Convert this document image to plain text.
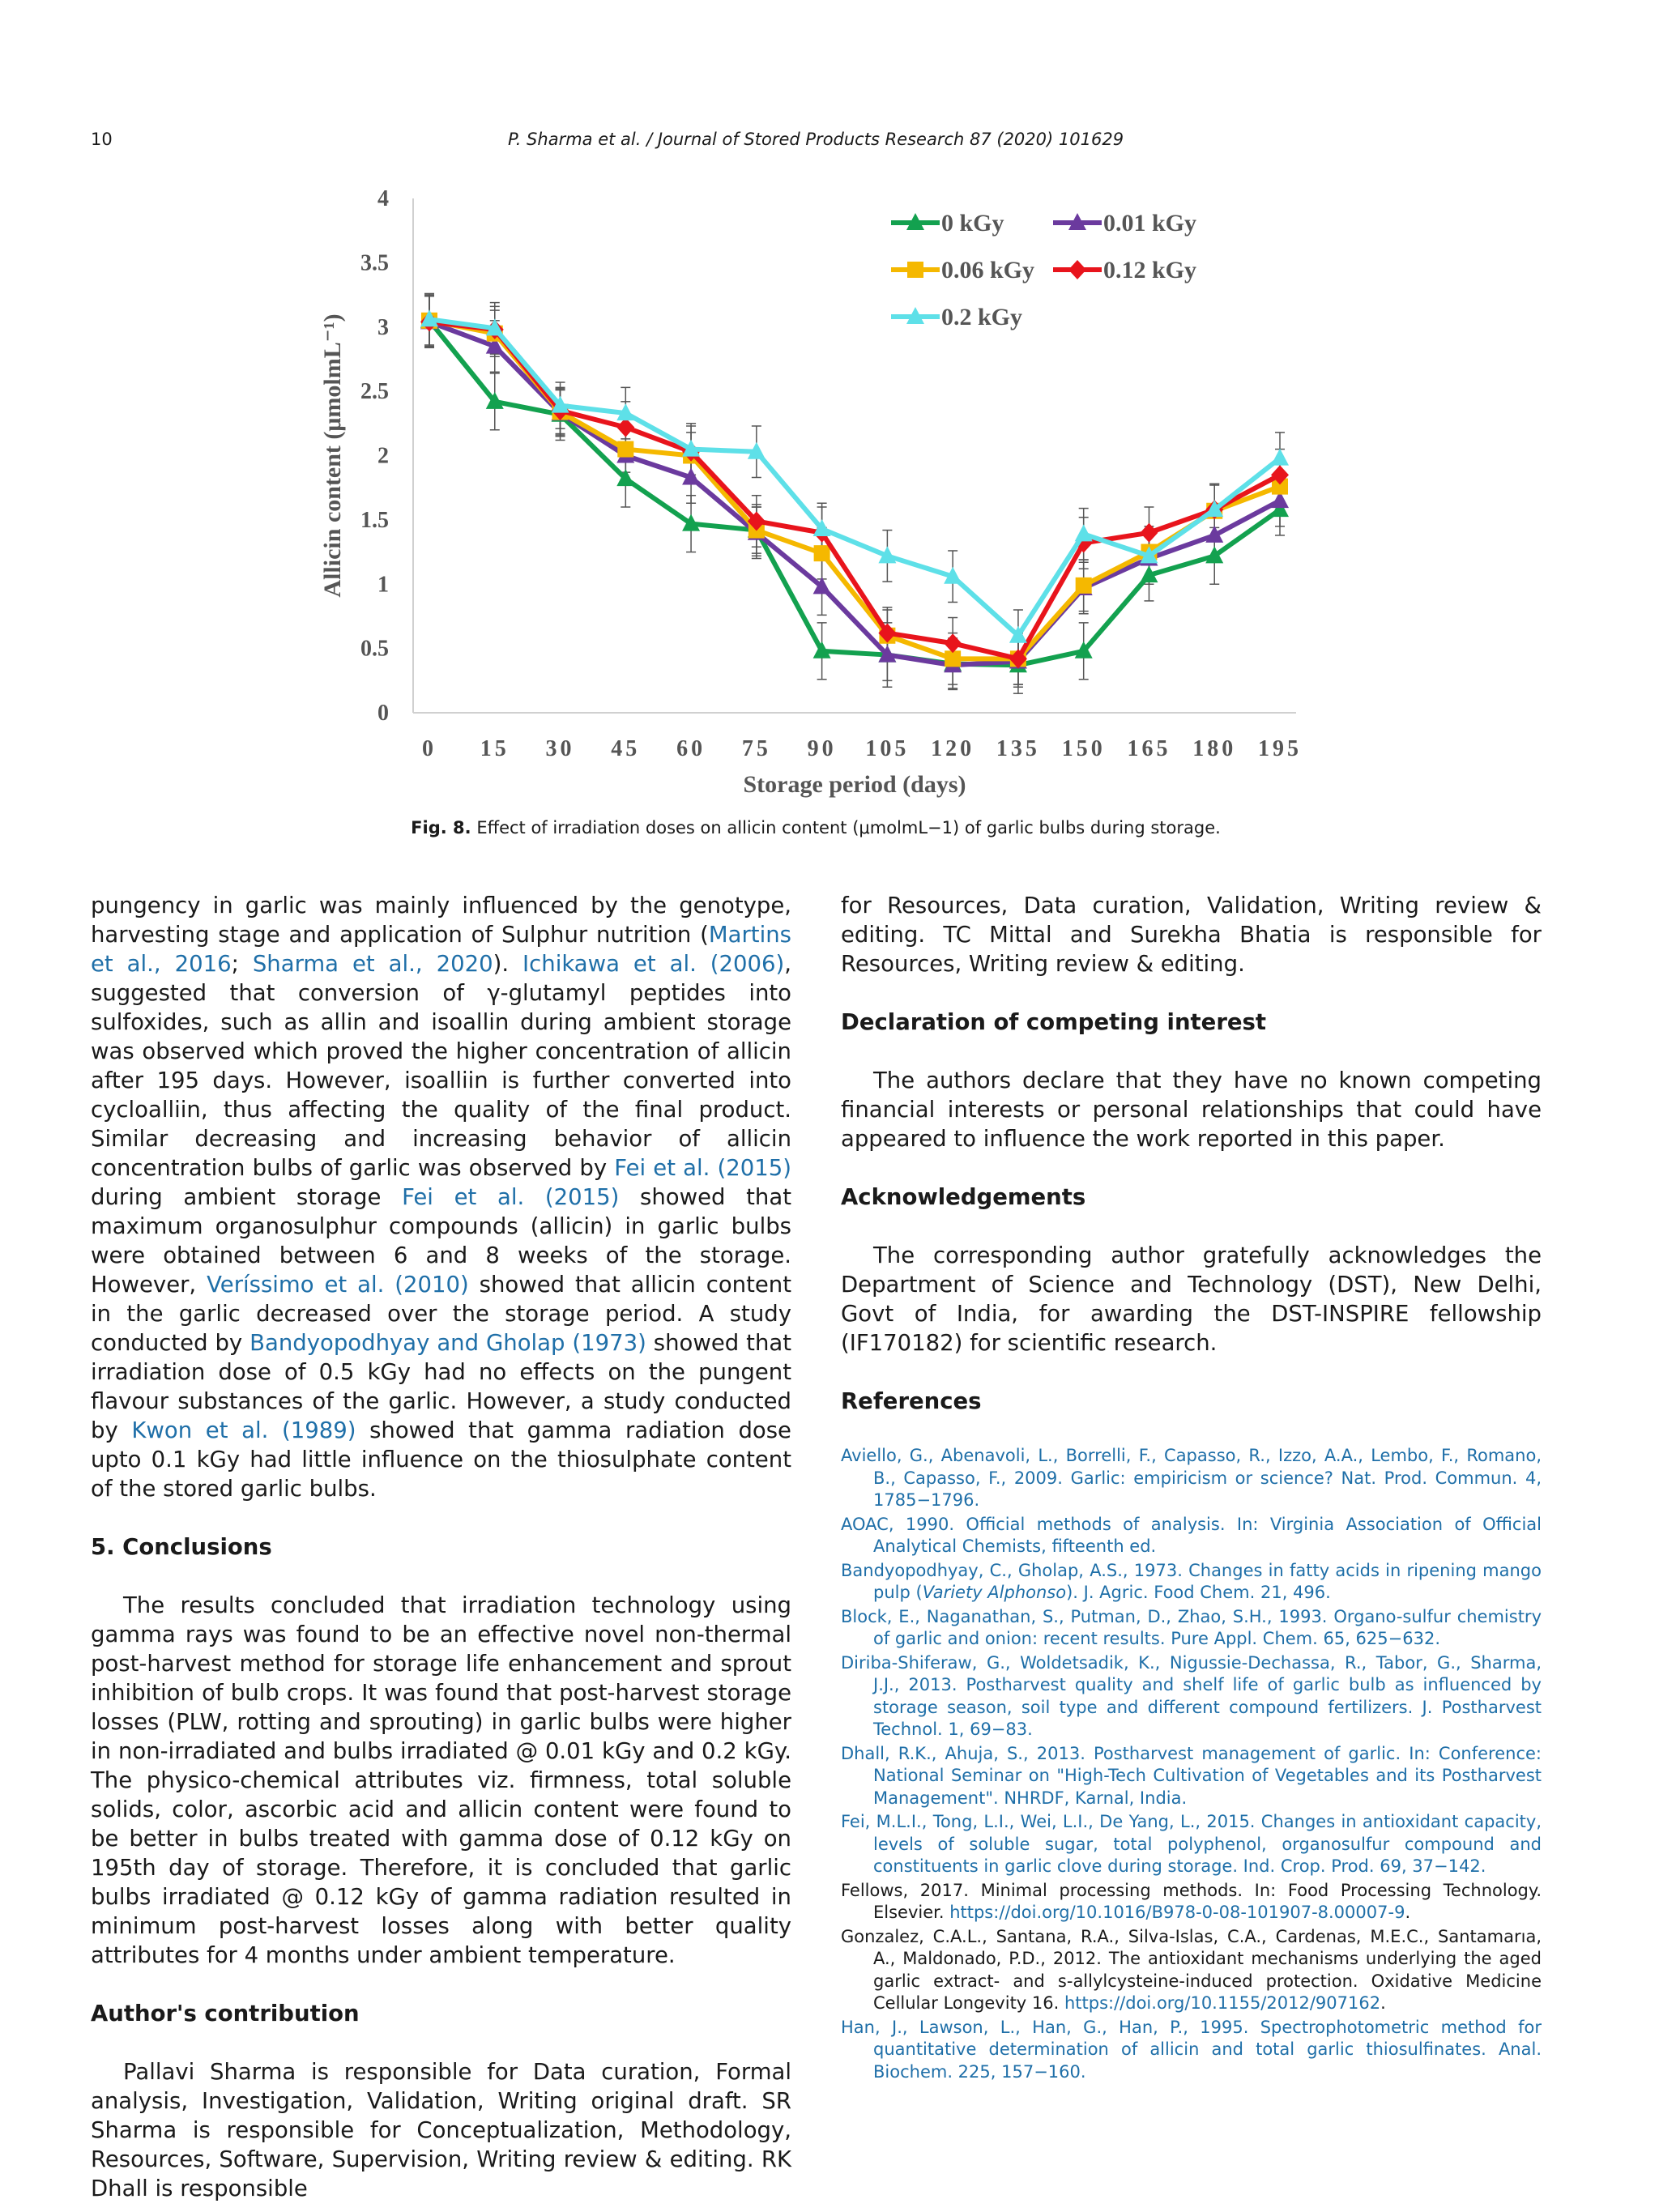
10	P. Sharma et al. / Journal of Stored Products Research 87 (2020) 101629
0
0.5
1
1.5
2
2.5
3
3.5
4
0 15 30 45 60 75 90 105 120 135 150 165 180 195
Storage period (days)
Allicin content (μmolmL⁻¹)
0 kGy	0.01 kGy
0.06 kGy	0.12 kGy
0.2 kGy
Fig. 8. Effect of irradiation doses on allicin content (μmolmL−1) of garlic bulbs during storage.

pungency in garlic was mainly influenced by the genotype, harvesting stage and application of Sulphur nutrition (Martins et al., 2016; Sharma et al., 2020). Ichikawa et al. (2006), suggested that conversion of γ-glutamyl peptides into sulfoxides, such as allin and isoallin during ambient storage was observed which proved the higher concentration of allicin after 195 days. However, isoalliin is further converted into cycloalliin, thus affecting the quality of the final product. Similar decreasing and increasing behavior of allicin concentration bulbs of garlic was observed by Fei et al. (2015) during ambient storage Fei et al. (2015) showed that maximum organosulphur compounds (allicin) in garlic bulbs were obtained between 6 and 8 weeks of the storage. However, Veríssimo et al. (2010) showed that allicin content in the garlic decreased over the storage period. A study conducted by Bandyopodhyay and Gholap (1973) showed that irradiation dose of 0.5 kGy had no effects on the pungent flavour substances of the garlic. However, a study conducted by Kwon et al. (1989) showed that gamma radiation dose upto 0.1 kGy had little influence on the thiosulphate content of the stored garlic bulbs.

5. Conclusions

The results concluded that irradiation technology using gamma rays was found to be an effective novel non-thermal post-harvest method for storage life enhancement and sprout inhibition of bulb crops. It was found that post-harvest storage losses (PLW, rotting and sprouting) in garlic bulbs were higher in non-irradiated and bulbs irradiated @ 0.01 kGy and 0.2 kGy. The physico-chemical attributes viz. firmness, total soluble solids, color, ascorbic acid and allicin content were found to be better in bulbs treated with gamma dose of 0.12 kGy on 195th day of storage. Therefore, it is concluded that garlic bulbs irradiated @ 0.12 kGy of gamma radiation resulted in minimum post-harvest losses along with better quality attributes for 4 months under ambient temperature.

Author's contribution

Pallavi Sharma is responsible for Data curation, Formal analysis, Investigation, Validation, Writing original draft. SR Sharma is responsible for Conceptualization, Methodology, Resources, Software, Supervision, Writing review & editing. RK Dhall is responsible

for Resources, Data curation, Validation, Writing review & editing. TC Mittal and Surekha Bhatia is responsible for Resources, Writing review & editing.

Declaration of competing interest

The authors declare that they have no known competing financial interests or personal relationships that could have appeared to influence the work reported in this paper.

Acknowledgements

The corresponding author gratefully acknowledges the Department of Science and Technology (DST), New Delhi, Govt of India, for awarding the DST-INSPIRE fellowship (IF170182) for scientific research.

References
Aviello, G., Abenavoli, L., Borrelli, F., Capasso, R., Izzo, A.A., Lembo, F., Romano, B., Capasso, F., 2009. Garlic: empiricism or science? Nat. Prod. Commun. 4, 1785−1796.
AOAC, 1990. Official methods of analysis. In: Virginia Association of Official Analytical Chemists, fifteenth ed.
Bandyopodhyay, C., Gholap, A.S., 1973. Changes in fatty acids in ripening mango pulp (Variety Alphonso). J. Agric. Food Chem. 21, 496.
Block, E., Naganathan, S., Putman, D., Zhao, S.H., 1993. Organo-sulfur chemistry of garlic and onion: recent results. Pure Appl. Chem. 65, 625−632.
Diriba-Shiferaw, G., Woldetsadik, K., Nigussie-Dechassa, R., Tabor, G., Sharma, J.J., 2013. Postharvest quality and shelf life of garlic bulb as influenced by storage season, soil type and different compound fertilizers. J. Postharvest Technol. 1, 69−83.
Dhall, R.K., Ahuja, S., 2013. Postharvest management of garlic. In: Conference: National Seminar on "High-Tech Cultivation of Vegetables and its Postharvest Management". NHRDF, Karnal, India.
Fei, M.L.I., Tong, L.I., Wei, L.I., De Yang, L., 2015. Changes in antioxidant capacity, levels of soluble sugar, total polyphenol, organosulfur compound and constituents in garlic clove during storage. Ind. Crop. Prod. 69, 37−142.
Fellows, 2017. Minimal processing methods. In: Food Processing Technology. Elsevier. https://doi.org/10.1016/B978-0-08-101907-8.00007-9.
Gonzalez, C.A.L., Santana, R.A., Silva-Islas, C.A., Cardenas, M.E.C., Santamarıa, A., Maldonado, P.D., 2012. The antioxidant mechanisms underlying the aged garlic extract- and s-allylcysteine-induced protection. Oxidative Medicine Cellular Longevity 16. https://doi.org/10.1155/2012/907162.
Han, J., Lawson, L., Han, G., Han, P., 1995. Spectrophotometric method for quantitative determination of allicin and total garlic thiosulfinates. Anal. Biochem. 225, 157−160.
